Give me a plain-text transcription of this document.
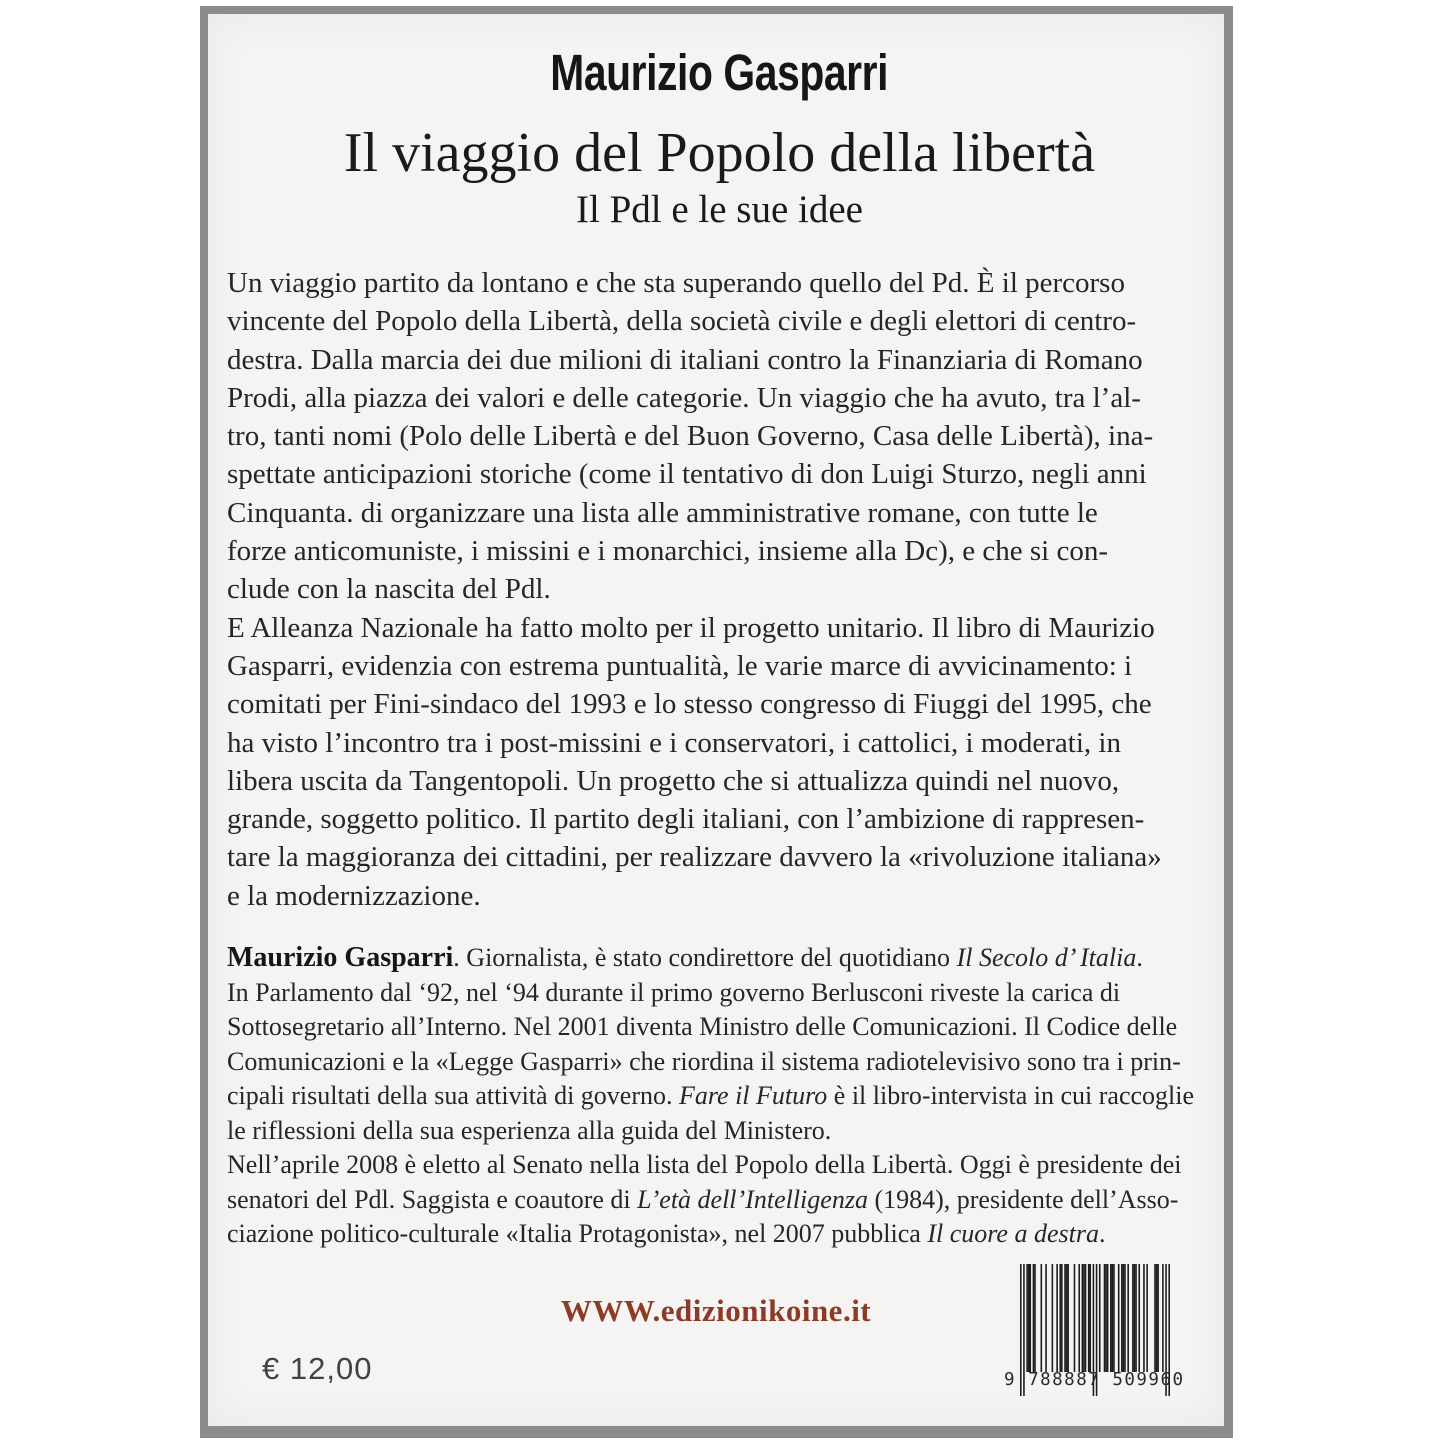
Maurizio Gasparri
Il viaggio del Popolo della libertà
Il Pdl e le sue idee
Un viaggio partito da lontano e che sta superando quello del Pd. È il percorso
vincente del Popolo della Libertà, della società civile e degli elettori di centro-
destra. Dalla marcia dei due milioni di italiani contro la Finanziaria di Romano
Prodi, alla piazza dei valori e delle categorie. Un viaggio che ha avuto, tra l’al-
tro, tanti nomi (Polo delle Libertà e del Buon Governo, Casa delle Libertà), ina-
spettate anticipazioni storiche (come il tentativo di don Luigi Sturzo, negli anni
Cinquanta. di organizzare una lista alle amministrative romane, con tutte le
forze anticomuniste, i missini e i monarchici, insieme alla Dc), e che si con-
clude con la nascita del Pdl.
E Alleanza Nazionale ha fatto molto per il progetto unitario. Il libro di Maurizio
Gasparri, evidenzia con estrema puntualità, le varie marce di avvicinamento: i
comitati per Fini-sindaco del 1993 e lo stesso congresso di Fiuggi del 1995, che
ha visto l’incontro tra i post-missini e i conservatori, i cattolici, i moderati, in
libera uscita da Tangentopoli. Un progetto che si attualizza quindi nel nuovo,
grande, soggetto politico. Il partito degli italiani, con l’ambizione di rappresen-
tare la maggioranza dei cittadini, per realizzare davvero la «rivoluzione italiana»
e la modernizzazione.
Maurizio Gasparri. Giornalista, è stato condirettore del quotidiano Il Secolo d’ Italia.
In Parlamento dal ‘92, nel ‘94 durante il primo governo Berlusconi riveste la carica di
Sottosegretario all’Interno. Nel 2001 diventa Ministro delle Comunicazioni. Il Codice delle
Comunicazioni e la «Legge Gasparri» che riordina il sistema radiotelevisivo sono tra i prin-
cipali risultati della sua attività di governo. Fare il Futuro è il libro-intervista in cui raccoglie
le riflessioni della sua esperienza alla guida del Ministero.
Nell’aprile 2008 è eletto al Senato nella lista del Popolo della Libertà. Oggi è presidente dei
senatori del Pdl. Saggista e coautore di L’età dell’Intelligenza (1984), presidente dell’Asso-
ciazione politico-culturale «Italia Protagonista», nel 2007 pubblica Il cuore a destra.
WWW.edizionikoine.it
€ 12,00	9 788887 509960
